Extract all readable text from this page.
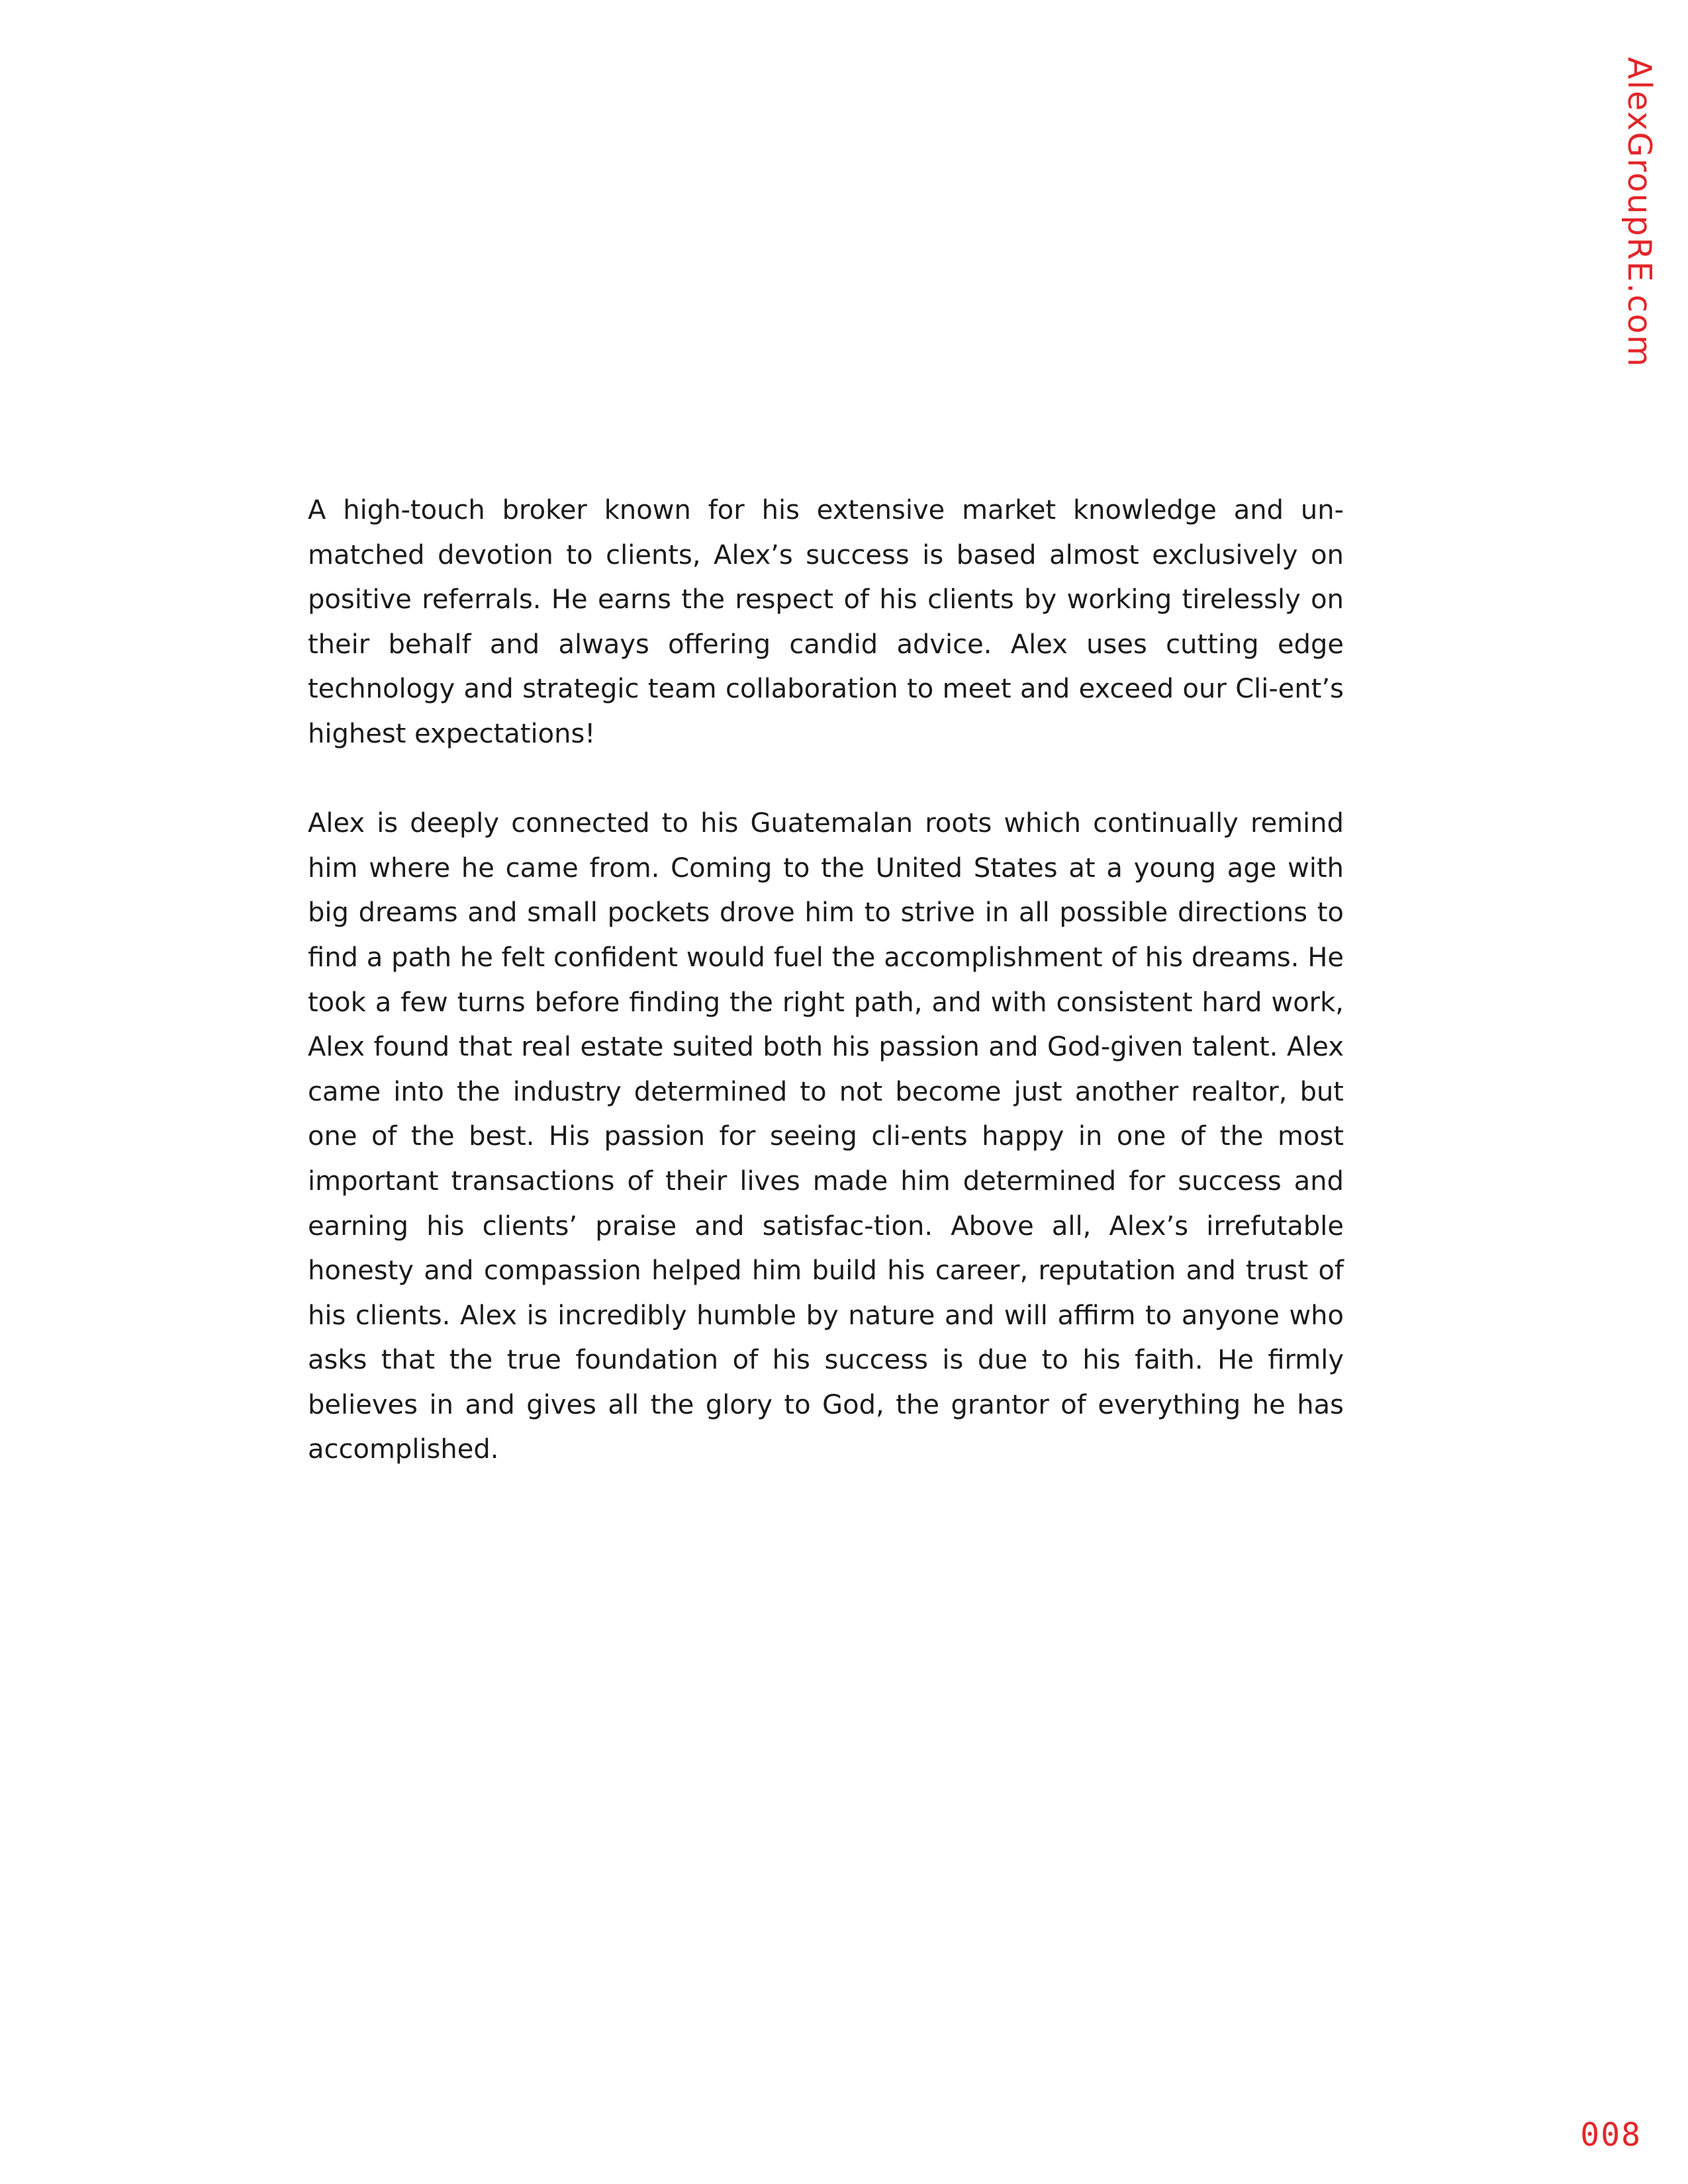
AlexGroupRE.com

A high-touch broker known for his extensive market knowledge and un-matched devotion to clients, Alex’s success is based almost exclusively on positive referrals. He earns the respect of his clients by working tirelessly on their behalf and always offering candid advice. Alex uses cutting edge technology and strategic team collaboration to meet and exceed our Cli-ent’s highest expectations!

Alex is deeply connected to his Guatemalan roots which continually remind him where he came from. Coming to the United States at a young age with big dreams and small pockets drove him to strive in all possible directions to find a path he felt confident would fuel the accomplishment of his dreams. He took a few turns before finding the right path, and with consistent hard work, Alex found that real estate suited both his passion and God-given talent. Alex came into the industry determined to not become just another realtor, but one of the best. His passion for seeing cli-ents happy in one of the most important transactions of their lives made him determined for success and earning his clients’ praise and satisfac-tion. Above all, Alex’s irrefutable honesty and compassion helped him build his career, reputation and trust of his clients. Alex is incredibly humble by nature and will affirm to anyone who asks that the true foundation of his success is due to his faith. He firmly believes in and gives all the glory to God, the grantor of everything he has accomplished.

008
